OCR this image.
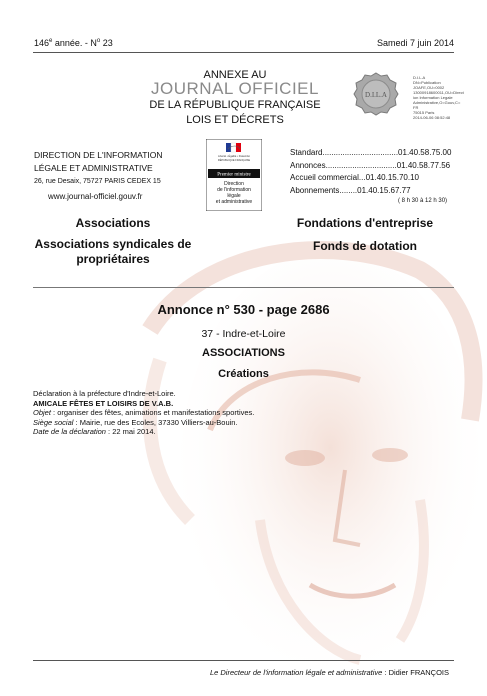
146e année. - $N^o$ 23	Samedi 7 juin 2014
ANNEXE AU
JOURNAL OFFICIEL
DE LA RÉPUBLIQUE FRANÇAISE
LOIS ET DÉCRETS
D.I.L.A
D.I.L.A
DN=Publication
JOAFE,OU=0002
13000918600011,OU=Direct
ion Information Legale
Administrative,O=Gouv,C=
FR
75015 Paris
2014-06-06 08:52:48
DIRECTION DE L'INFORMATION
LÉGALE ET ADMINISTRATIVE
26, rue Desaix, 75727 PARIS CEDEX 15
www.journal-officiel.gouv.fr
Liberté • Égalité • Fraternité
RÉPUBLIQUE FRANÇAISE
Premier ministre
Direction
de l'information
légale
et administrative
Standard .................................. 01.40.58.75.00
Annonces ................................ 01.40.58.77.56
Accueil commercial ... 01.40.15.70.10
Abonnements ........ 01.40.15.67.77
( 8 h 30 à 12 h 30)
Associations
Associations syndicales de propriétaires
Fondations d'entreprise
Fonds de dotation
Annonce n° 530 - page 2686
37 - Indre-et-Loire
ASSOCIATIONS
Créations
Déclaration à la préfecture d'Indre-et-Loire.
AMICALE FÊTES ET LOISIRS DE V.A.B.
Objet : organiser des fêtes, animations et manifestations sportives.
Siège social : Mairie, rue des Ecoles, 37330 Villiers-au-Bouin.
Date de la déclaration : 22 mai 2014.
Le Directeur de l'information légale et administrative : Didier FRANÇOIS
